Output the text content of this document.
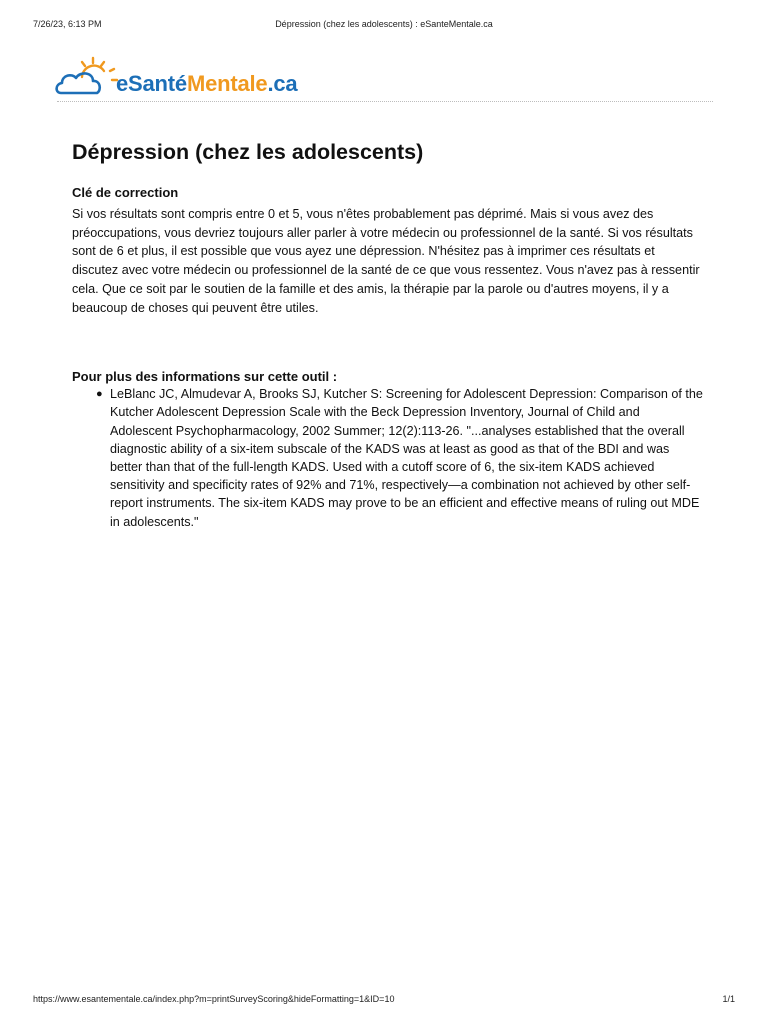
7/26/23, 6:13 PM	Dépression (chez les adolescents) : eSanteMentale.ca
eSantéMentale.ca
Dépression (chez les adolescents)
Clé de correction
Si vos résultats sont compris entre 0 et 5, vous n'êtes probablement pas déprimé. Mais si vous avez des préoccupations, vous devriez toujours aller parler à votre médecin ou professionnel de la santé. Si vos résultats sont de 6 et plus, il est possible que vous ayez une dépression. N'hésitez pas à imprimer ces résultats et discutez avec votre médecin ou professionnel de la santé de ce que vous ressentez. Vous n'avez pas à ressentir cela. Que ce soit par le soutien de la famille et des amis, la thérapie par la parole ou d'autres moyens, il y a beaucoup de choses qui peuvent être utiles.
Pour plus des informations sur cette outil :
● LeBlanc JC, Almudevar A, Brooks SJ, Kutcher S: Screening for Adolescent Depression: Comparison of the Kutcher Adolescent Depression Scale with the Beck Depression Inventory, Journal of Child and Adolescent Psychopharmacology, 2002 Summer; 12(2):113-26. "...analyses established that the overall diagnostic ability of a six-item subscale of the KADS was at least as good as that of the BDI and was better than that of the full-length KADS. Used with a cutoff score of 6, the six-item KADS achieved sensitivity and specificity rates of 92% and 71%, respectively—a combination not achieved by other self-report instruments. The six-item KADS may prove to be an efficient and effective means of ruling out MDE in adolescents."
https://www.esantementale.ca/index.php?m=printSurveyScoring&hideFormatting=1&ID=10	1/1
